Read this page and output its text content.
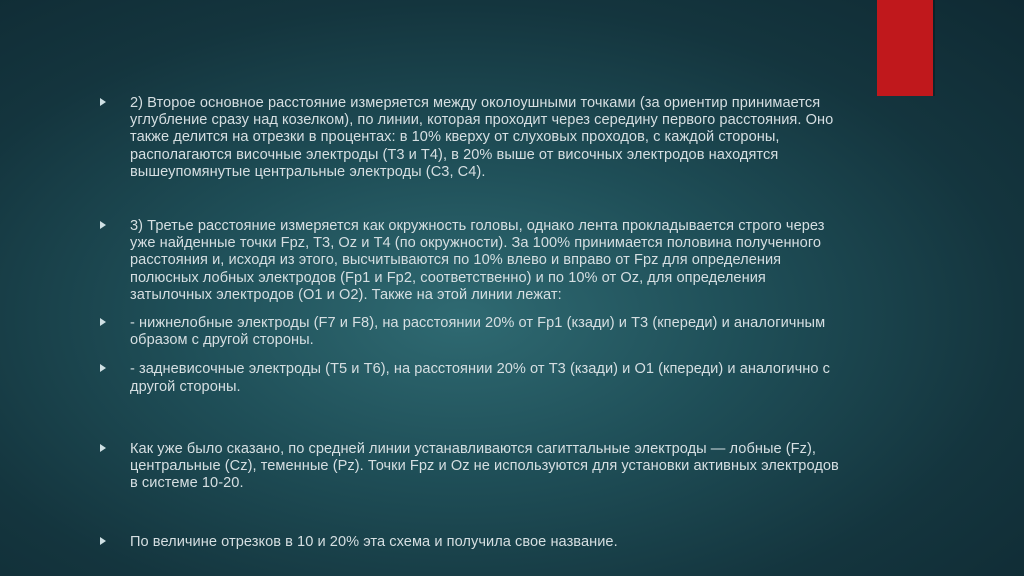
2) Второе основное расстояние измеряется между околоушными точками (за ориентир принимается углубление сразу над козелком), по линии, которая проходит через середину первого расстояния. Оно также делится на отрезки в процентах: в 10% кверху от слуховых проходов, с каждой стороны, располагаются височные электроды (Т3 и Т4), в 20% выше от височных электродов находятся вышеупомянутые центральные электроды (С3, С4).

3) Третье расстояние измеряется как окружность головы, однако лента прокладывается строго через уже найденные точки Fpz, T3, Oz и Т4 (по окружности). За 100% принимается половина полученного расстояния и, исходя из этого, высчитываются по 10% влево и вправо от Fpz для определения полюсных лобных электродов (Fp1 и Fp2, соответственно) и по 10% от Oz, для определения затылочных электродов (O1 и O2). Также на этой линии лежат:

- нижнелобные электроды (F7 и F8), на расстоянии 20% от Fp1 (кзади) и Т3 (кпереди) и аналогичным образом с другой стороны.

- задневисочные электроды (T5 и T6), на расстоянии 20% от Т3 (кзади) и О1 (кпереди) и аналогично с другой стороны.

Как уже было сказано, по средней линии устанавливаются сагиттальные электроды — лобные (Fz), центральные (Cz), теменные (Pz). Точки Fpz и Oz не используются для установки активных электродов в системе 10-20.

По величине отрезков в 10 и 20% эта схема и получила свое название.
